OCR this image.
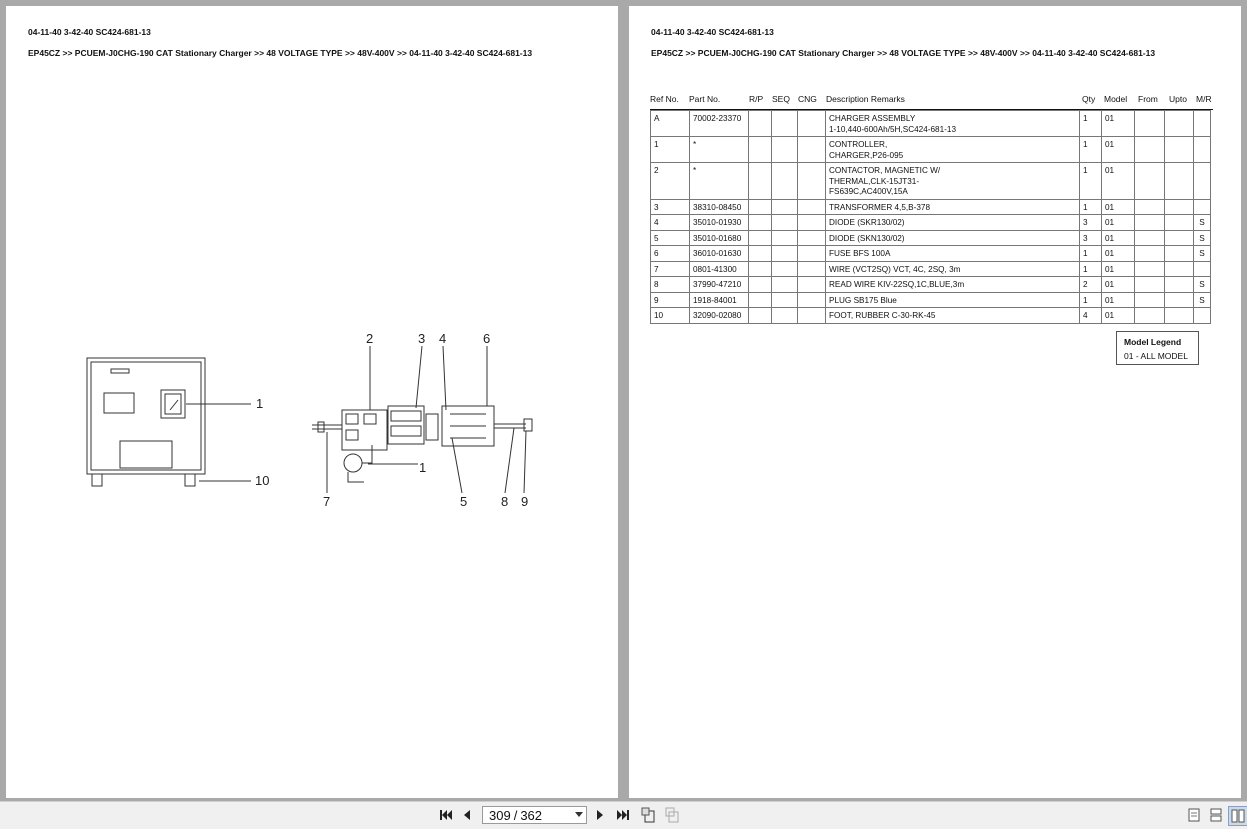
04-11-40 3-42-40 SC424-681-13
EP45CZ >> PCUEM-J0CHG-190 CAT Stationary Charger >> 48 VOLTAGE TYPE >> 48V-400V >> 04-11-40 3-42-40 SC424-681-13
1
10
2	3 4	6
7
1
5	8 9
04-11-40 3-42-40 SC424-681-13
EP45CZ >> PCUEM-J0CHG-190 CAT Stationary Charger >> 48 VOLTAGE TYPE >> 48V-400V >> 04-11-40 3-42-40 SC424-681-13
Ref No. Part No.	R/P SEQ CNG Description Remarks	Qty Model From Upto M/R
A	70002-23370				CHARGER ASSEMBLY
1-10,440-600Ah/5H,SC424-681-13	1	01			
1	*				CONTROLLER,
CHARGER,P26-095	1	01			
2	*				CONTACTOR, MAGNETIC W/
THERMAL,CLK-15JT31-
FS639C,AC400V,15A	1	01			
3	38310-08450				TRANSFORMER 4,5,B-378	1	01			
4	35010-01930				DIODE (SKR130/02)	3	01			S
5	35010-01680				DIODE (SKN130/02)	3	01			S
6	36010-01630				FUSE BFS 100A	1	01			S
7	0801-41300				WIRE (VCT2SQ) VCT, 4C, 2SQ, 3m	1	01			
8	37990-47210				READ WIRE KIV-22SQ,1C,BLUE,3m	2	01			S
9	1918-84001				PLUG SB175 Blue	1	01			S
10	32090-02080				FOOT, RUBBER C-30-RK-45	4	01			
Model Legend
01 - ALL MODEL
309 / 362
